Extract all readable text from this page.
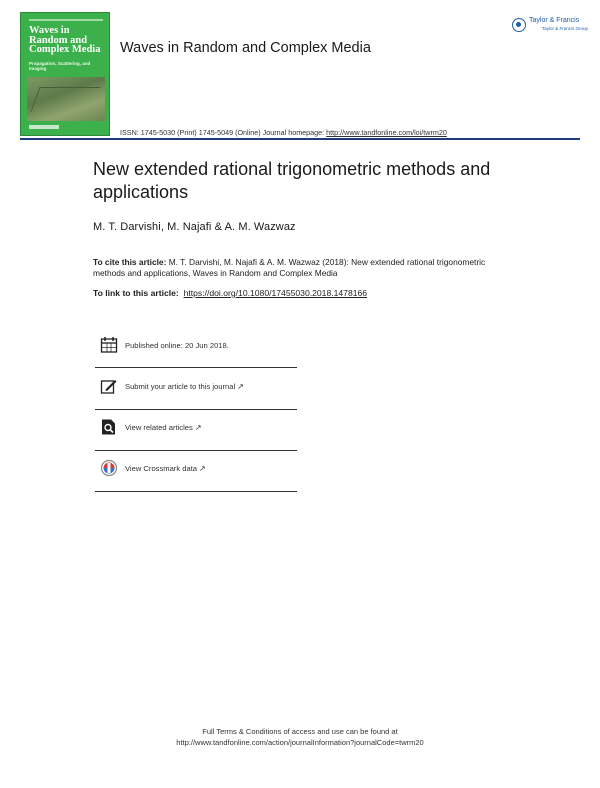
Waves in Random and Complex Media
Propagation, Scattering, and Imaging
Waves in Random and Complex Media
Taylor & Francis
Taylor & Francis Group
ISSN: 1745-5030 (Print) 1745-5049 (Online) Journal homepage: http://www.tandfonline.com/loi/twrm20
New extended rational trigonometric methods and applications
M. T. Darvishi, M. Najafi & A. M. Wazwaz
To cite this article: M. T. Darvishi, M. Najafi & A. M. Wazwaz (2018): New extended rational trigonometric methods and applications, Waves in Random and Complex Media
To link to this article: https://doi.org/10.1080/17455030.2018.1478166
Published online: 20 Jun 2018.
Submit your article to this journal ↗︎
View related articles ↗︎
View Crossmark data ↗︎
Full Terms & Conditions of access and use can be found at
http://www.tandfonline.com/action/journalInformation?journalCode=twrm20
